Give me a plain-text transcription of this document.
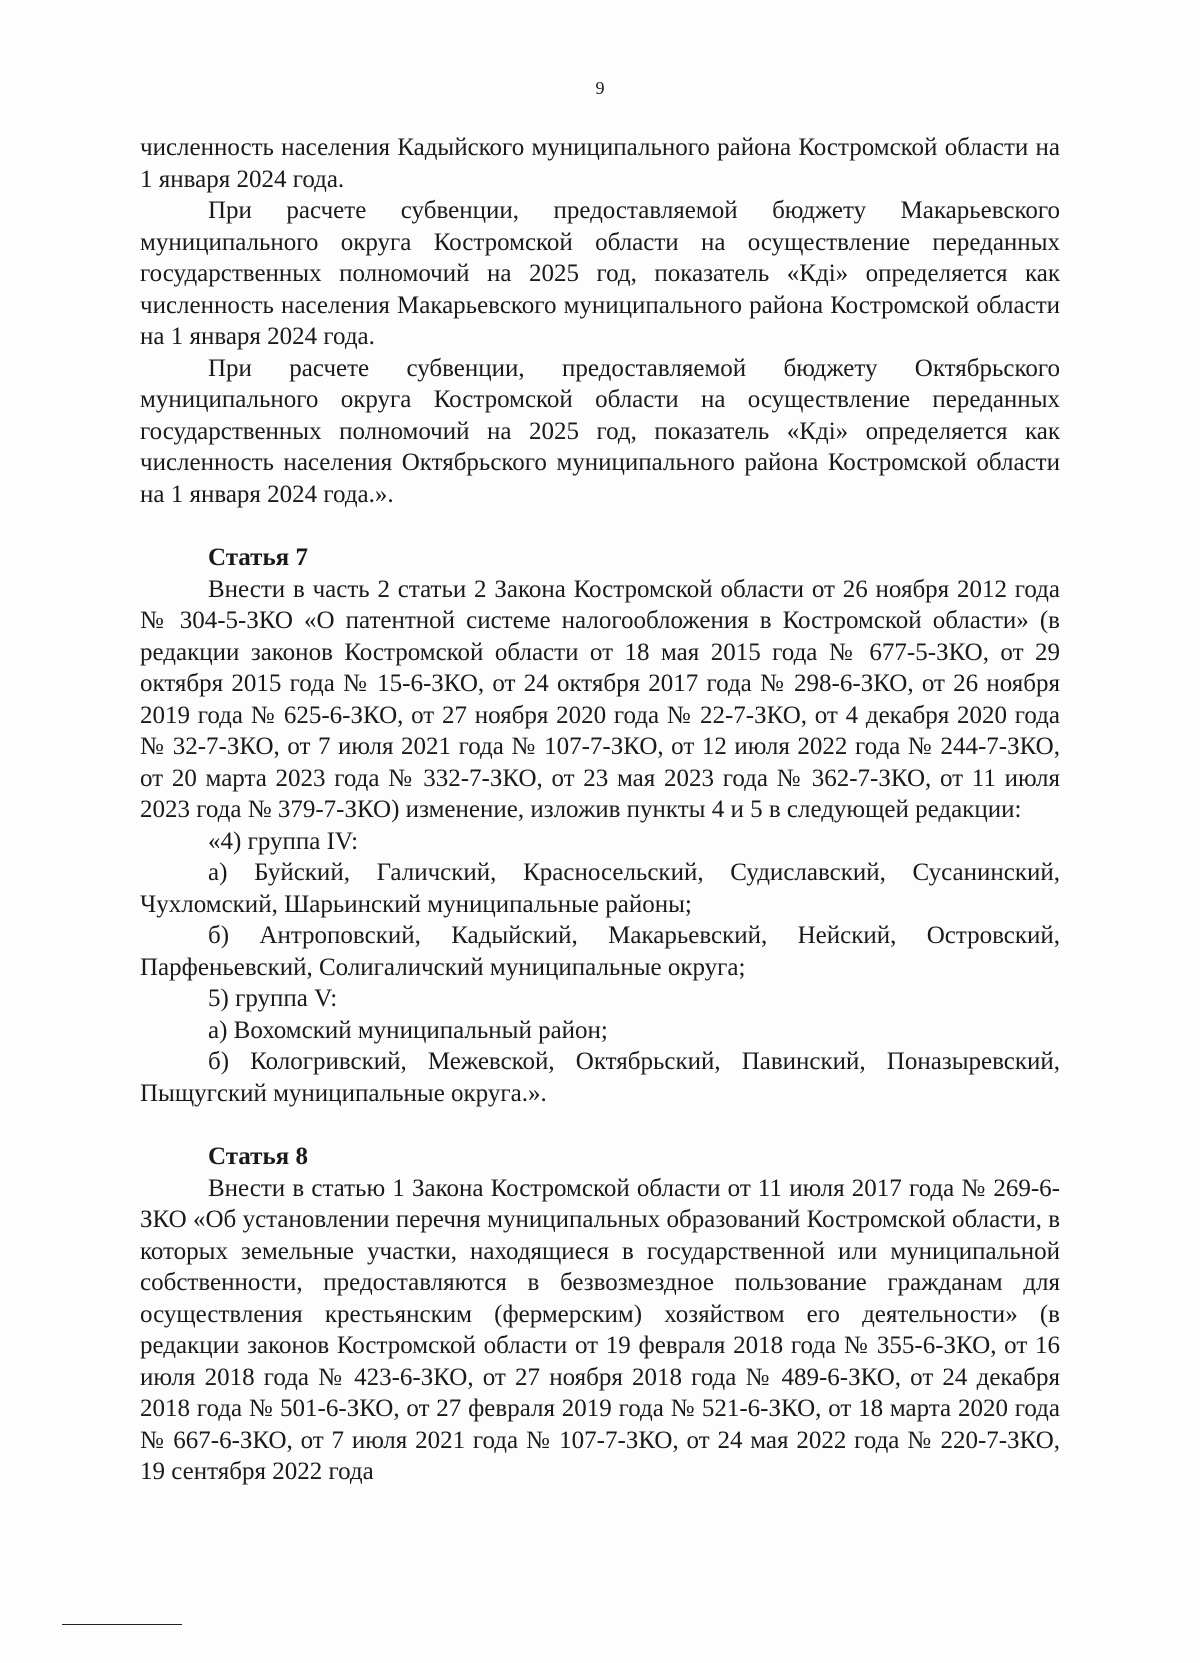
9

численность населения Кадыйского муниципального района Костромской области на 1 января 2024 года.

При расчете субвенции, предоставляемой бюджету Макарьевского муниципального округа Костромской области на осуществление переданных государственных полномочий на 2025 год, показатель «Кдi» определяется как численность населения Макарьевского муниципального района Костромской области на 1 января 2024 года.

При расчете субвенции, предоставляемой бюджету Октябрьского муниципального округа Костромской области на осуществление переданных государственных полномочий на 2025 год, показатель «Кдi» определяется как численность населения Октябрьского муниципального района Костромской области на 1 января 2024 года.».

Статья 7

Внести в часть 2 статьи 2 Закона Костромской области от 26 ноября 2012 года № 304-5-ЗКО «О патентной системе налогообложения в Костромской области» (в редакции законов Костромской области от 18 мая 2015 года № 677-5-ЗКО, от 29 октября 2015 года № 15-6-ЗКО, от 24 октября 2017 года № 298-6-ЗКО, от 26 ноября 2019 года № 625-6-ЗКО, от 27 ноября 2020 года № 22-7-ЗКО, от 4 декабря 2020 года № 32-7-ЗКО, от 7 июля 2021 года № 107-7-ЗКО, от 12 июля 2022 года № 244-7-ЗКО, от 20 марта 2023 года № 332-7-ЗКО, от 23 мая 2023 года № 362-7-ЗКО, от 11 июля 2023 года № 379-7-ЗКО) изменение, изложив пункты 4 и 5 в следующей редакции:

«4) группа IV:

а) Буйский, Галичский, Красносельский, Судиславский, Сусанинский, Чухломский, Шарьинский муниципальные районы;

б) Антроповский, Кадыйский, Макарьевский, Нейский, Островский, Парфеньевский, Солигаличский муниципальные округа;

5) группа V:

а) Вохомский муниципальный район;

б) Кологривский, Межевской, Октябрьский, Павинский, Поназыревский, Пыщугский муниципальные округа.».

Статья 8

Внести в статью 1 Закона Костромской области от 11 июля 2017 года № 269-6-ЗКО «Об установлении перечня муниципальных образований Костромской области, в которых земельные участки, находящиеся в государственной или муниципальной собственности, предоставляются в безвозмездное пользование гражданам для осуществления крестьянским (фермерским) хозяйством его деятельности» (в редакции законов Костромской области от 19 февраля 2018 года № 355-6-ЗКО, от 16 июля 2018 года № 423-6-ЗКО, от 27 ноября 2018 года № 489-6-ЗКО, от 24 декабря 2018 года № 501-6-ЗКО, от 27 февраля 2019 года № 521-6-ЗКО, от 18 марта 2020 года № 667-6-ЗКО, от 7 июля 2021 года № 107-7-ЗКО, от 24 мая 2022 года № 220-7-ЗКО, 19 сентября 2022 года
